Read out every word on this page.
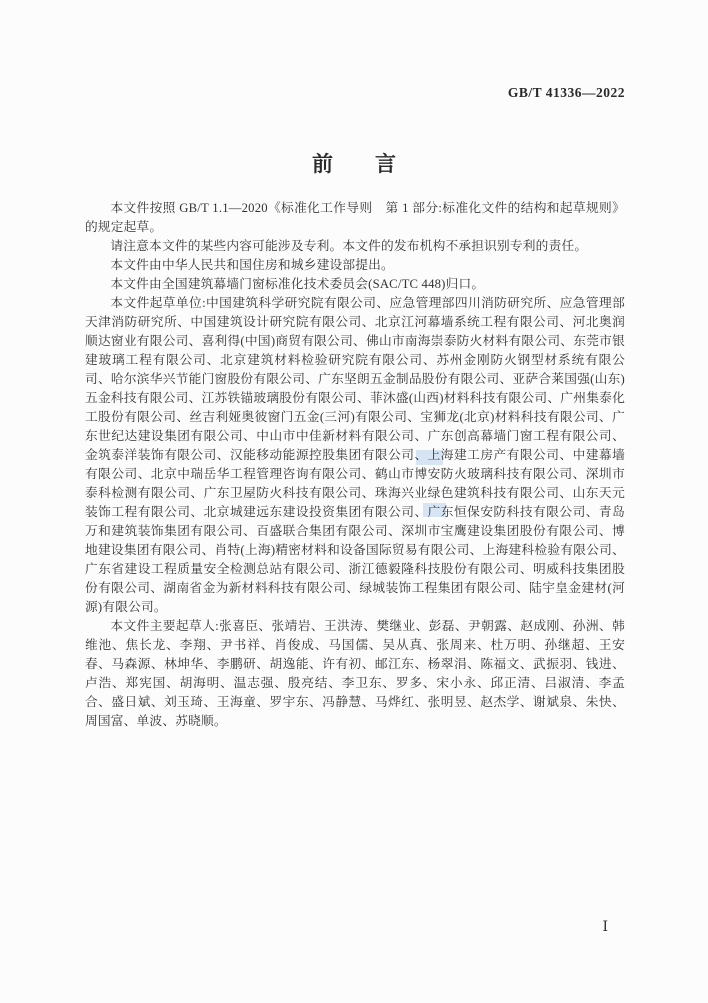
GB/T 41336—2022
前　　言

本文件按照 GB/T 1.1—2020《标准化工作导则　第 1 部分:标准化文件的结构和起草规则》的规定起草。

请注意本文件的某些内容可能涉及专利。本文件的发布机构不承担识别专利的责任。

本文件由中华人民共和国住房和城乡建设部提出。

本文件由全国建筑幕墙门窗标准化技术委员会(SAC/TC 448)归口。

本文件起草单位:中国建筑科学研究院有限公司、应急管理部四川消防研究所、应急管理部天津消防研究所、中国建筑设计研究院有限公司、北京江河幕墙系统工程有限公司、河北奥润顺达窗业有限公司、喜利得(中国)商贸有限公司、佛山市南海崇泰防火材料有限公司、东莞市银建玻璃工程有限公司、北京建筑材料检验研究院有限公司、苏州金刚防火钢型材系统有限公司、哈尔滨华兴节能门窗股份有限公司、广东坚朗五金制品股份有限公司、亚萨合莱国强(山东)五金科技有限公司、江苏铁锚玻璃股份有限公司、菲沐盛(山西)材料科技有限公司、广州集泰化工股份有限公司、丝吉利娅奥彼窗门五金(三河)有限公司、宝狮龙(北京)材料科技有限公司、广东世纪达建设集团有限公司、中山市中佳新材料有限公司、广东创高幕墙门窗工程有限公司、金筑泰洋装饰有限公司、汉能移动能源控股集团有限公司、上海建工房产有限公司、中建幕墙有限公司、北京中瑞岳华工程管理咨询有限公司、鹤山市博安防火玻璃科技有限公司、深圳市泰科检测有限公司、广东卫屋防火科技有限公司、珠海兴业绿色建筑科技有限公司、山东天元装饰工程有限公司、北京城建远东建设投资集团有限公司、广东恒保安防科技有限公司、青岛万和建筑装饰集团有限公司、百盛联合集团有限公司、深圳市宝鹰建设集团股份有限公司、博地建设集团有限公司、肖特(上海)精密材料和设备国际贸易有限公司、上海建科检验有限公司、广东省建设工程质量安全检测总站有限公司、浙江德毅隆科技股份有限公司、明威科技集团股份有限公司、湖南省金为新材料科技有限公司、绿城装饰工程集团有限公司、陆宇皇金建材(河源)有限公司。

本文件主要起草人:张喜臣、张靖岩、王洪涛、樊继业、彭磊、尹朝露、赵成刚、孙洲、韩维池、焦长龙、李翔、尹书祥、肖俊成、马国儒、吴从真、张周来、杜万明、孙继超、王安春、马森源、林坤华、李鹏研、胡逸能、许有初、邮江东、杨翠涓、陈福文、武振羽、钱进、卢浩、郑宪国、胡海明、温志强、殷亮结、李卫东、罗多、宋小永、邱正清、吕淑清、李孟合、盛日斌、刘玉琦、王海童、罗宇东、冯静慧、马烨红、张明昱、赵杰学、谢斌泉、朱快、周国富、单波、苏晓顺。

Ⅰ
